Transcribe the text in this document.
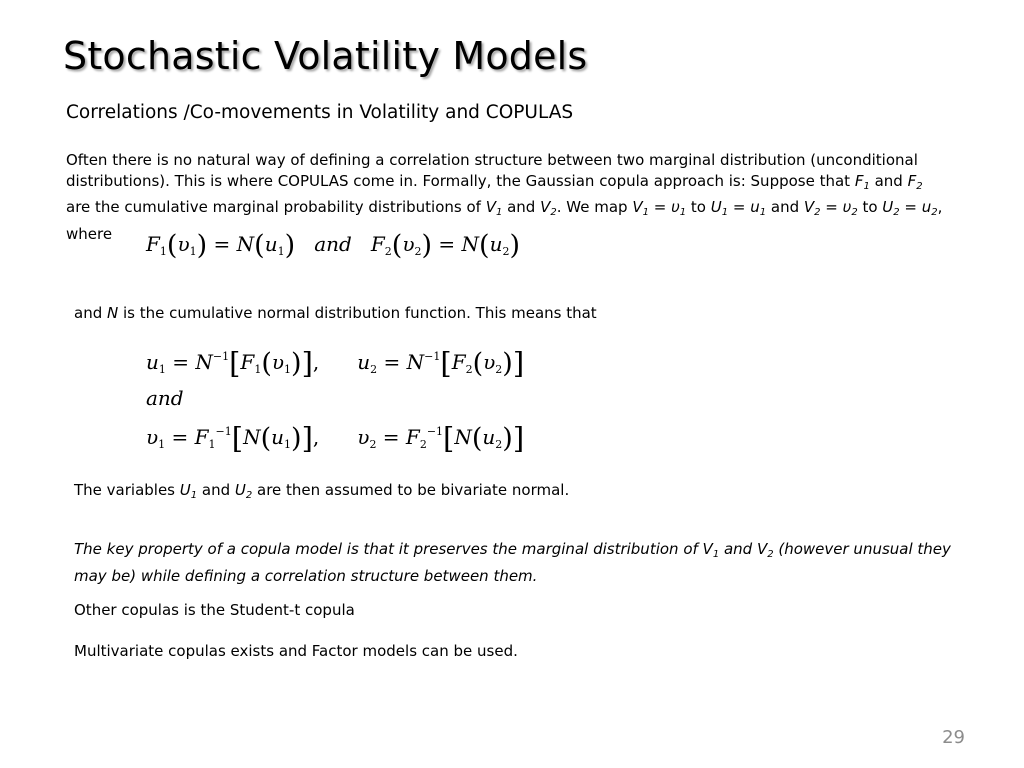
Stochastic Volatility Models
Correlations /Co-movements in Volatility and COPULAS
Often there is no natural way of defining a correlation structure between two marginal distribution (unconditional distributions). This is where COPULAS come in. Formally, the Gaussian copula approach is: Suppose that $F_1$ and $F_2$ are the cumulative marginal probability distributions of $V_1$ and $V_2$. We map $V_1 = \upsilon_1$ to $U_1 = u_1$ and $V_2 = \upsilon_2$ to $U_2 = u_2$, where	$F_1(\upsilon_1) = N(u_1)$ and $F_2(\upsilon_2) = N(u_2)$
and N is the cumulative normal distribution function. This means that
$u_1 = N^{-1}[F_1(\upsilon_1)]$, $u_2 = N^{-1}[F_2(\upsilon_2)]$
and
$\upsilon_1 = F_1^{-1}[N(u_1)]$, $\upsilon_2 = F_2^{-1}[N(u_2)]$
The variables $U_1$ and $U_2$ are then assumed to be bivariate normal.
The key property of a copula model is that it preserves the marginal distribution of $V_1$ and $V_2$ (however unusual they may be) while defining a correlation structure between them.
Other copulas is the Student-t copula
Multivariate copulas exists and Factor models can be used.
29
